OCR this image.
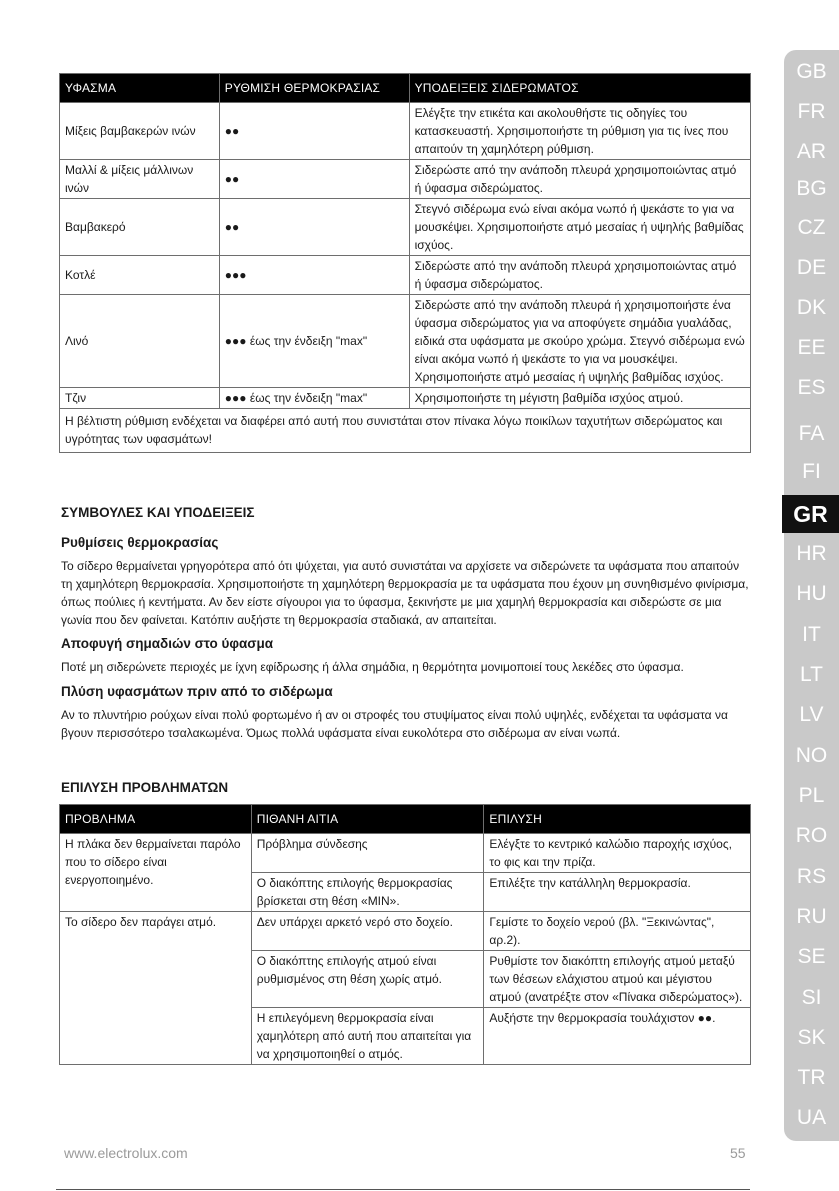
GB
FR
AR
BG
CZ
DE
DK
EE
ES
FA
FI
GR
HR
HU
IT
LT
LV
NO
PL
RO
RS
RU
SE
SI
SK
TR
UA
ΥΦΑΣΜΑ	ΡΥΘΜΙΣΗ ΘΕΡΜΟΚΡΑΣΙΑΣ	ΥΠΟΔΕΙΞΕΙΣ ΣΙΔΕΡΩΜΑΤΟΣ
Μίξεις βαμβακερών ινών	●●	Ελέγξτε την ετικέτα και ακολουθήστε τις οδηγίες του κατασκευαστή. Χρησιμοποιήστε τη ρύθμιση για τις ίνες που απαιτούν τη χαμηλότερη ρύθμιση.
Μαλλί & μίξεις μάλλινων ινών	●●	Σιδερώστε από την ανάποδη πλευρά χρησιμοποιώντας ατμό ή ύφασμα σιδερώματος.
Βαμβακερό	●●	Στεγνό σιδέρωμα ενώ είναι ακόμα νωπό ή ψεκάστε το για να μουσκέψει. Χρησιμοποιήστε ατμό μεσαίας ή υψηλής βαθμίδας ισχύος.
Κοτλέ	●●●	Σιδερώστε από την ανάποδη πλευρά χρησιμοποιώντας ατμό ή ύφασμα σιδερώματος.
Λινό	●●● έως την ένδειξη "max"	Σιδερώστε από την ανάποδη πλευρά ή χρησιμοποιήστε ένα ύφασμα σιδερώματος για να αποφύγετε σημάδια γυαλάδας, ειδικά στα υφάσματα με σκούρο χρώμα. Στεγνό σιδέρωμα ενώ είναι ακόμα νωπό ή ψεκάστε το για να μουσκέψει. Χρησιμοποιήστε ατμό μεσαίας ή υψηλής βαθμίδας ισχύος.
Τζιν	●●● έως την ένδειξη "max"	Χρησιμοποιήστε τη μέγιστη βαθμίδα ισχύος ατμού.
Η βέλτιστη ρύθμιση ενδέχεται να διαφέρει από αυτή που συνιστάται στον πίνακα λόγω ποικίλων ταχυτήτων σιδερώματος και υγρότητας των υφασμάτων!		
ΣΥΜΒΟΥΛΕΣ ΚΑΙ ΥΠΟΔΕΙΞΕΙΣ
Ρυθμίσεις θερμοκρασίας
Το σίδερο θερμαίνεται γρηγορότερα από ότι ψύχεται, για αυτό συνιστάται να αρχίσετε να σιδερώνετε τα υφάσματα που απαιτούν τη χαμηλότερη θερμοκρασία. Χρησιμοποιήστε τη χαμηλότερη θερμοκρασία με τα υφάσματα που έχουν μη συνηθισμένο φινίρισμα, όπως πούλιες ή κεντήματα. Αν δεν είστε σίγουροι για το ύφασμα, ξεκινήστε με μια χαμηλή θερμοκρασία και σιδερώστε σε μια γωνία που δεν φαίνεται. Κατόπιν αυξήστε τη θερμοκρασία σταδιακά, αν απαιτείται.
Αποφυγή σημαδιών στο ύφασμα
Ποτέ μη σιδερώνετε περιοχές με ίχνη εφίδρωσης ή άλλα σημάδια, η θερμότητα μονιμοποιεί τους λεκέδες στο ύφασμα.
Πλύση υφασμάτων πριν από το σιδέρωμα
Αν το πλυντήριο ρούχων είναι πολύ φορτωμένο ή αν οι στροφές του στυψίματος είναι πολύ υψηλές, ενδέχεται τα υφάσματα να βγουν περισσότερο τσαλακωμένα. Όμως πολλά υφάσματα είναι ευκολότερα στο σιδέρωμα αν είναι νωπά.
ΕΠΙΛΥΣΗ ΠΡΟΒΛΗΜΑΤΩΝ
ΠΡΟΒΛΗΜΑ	ΠΙΘΑΝΗ ΑΙΤΙΑ	ΕΠΙΛΥΣΗ
Η πλάκα δεν θερμαίνεται παρόλο που το σίδερο είναι ενεργοποιημένο.	Πρόβλημα σύνδεσης	Ελέγξτε το κεντρικό καλώδιο παροχής ισχύος, το φις και την πρίζα.
	Ο διακόπτης επιλογής θερμοκρασίας βρίσκεται στη θέση «MIN».	Επιλέξτε την κατάλληλη θερμοκρασία.
Το σίδερο δεν παράγει ατμό.	Δεν υπάρχει αρκετό νερό στο δοχείο.	Γεμίστε το δοχείο νερού (βλ. "Ξεκινώντας", αρ.2).
	Ο διακόπτης επιλογής ατμού είναι ρυθμισμένος στη θέση χωρίς ατμό.	Ρυθμίστε τον διακόπτη επιλογής ατμού μεταξύ των θέσεων ελάχιστου ατμού και μέγιστου ατμού (ανατρέξτε στον «Πίνακα σιδερώματος»).
	Η επιλεγόμενη θερμοκρασία είναι χαμηλότερη από αυτή που απαιτείται για να χρησιμοποιηθεί ο ατμός.	Αυξήστε την θερμοκρασία τουλάχιστον ●●.
www.electrolux.com	55
